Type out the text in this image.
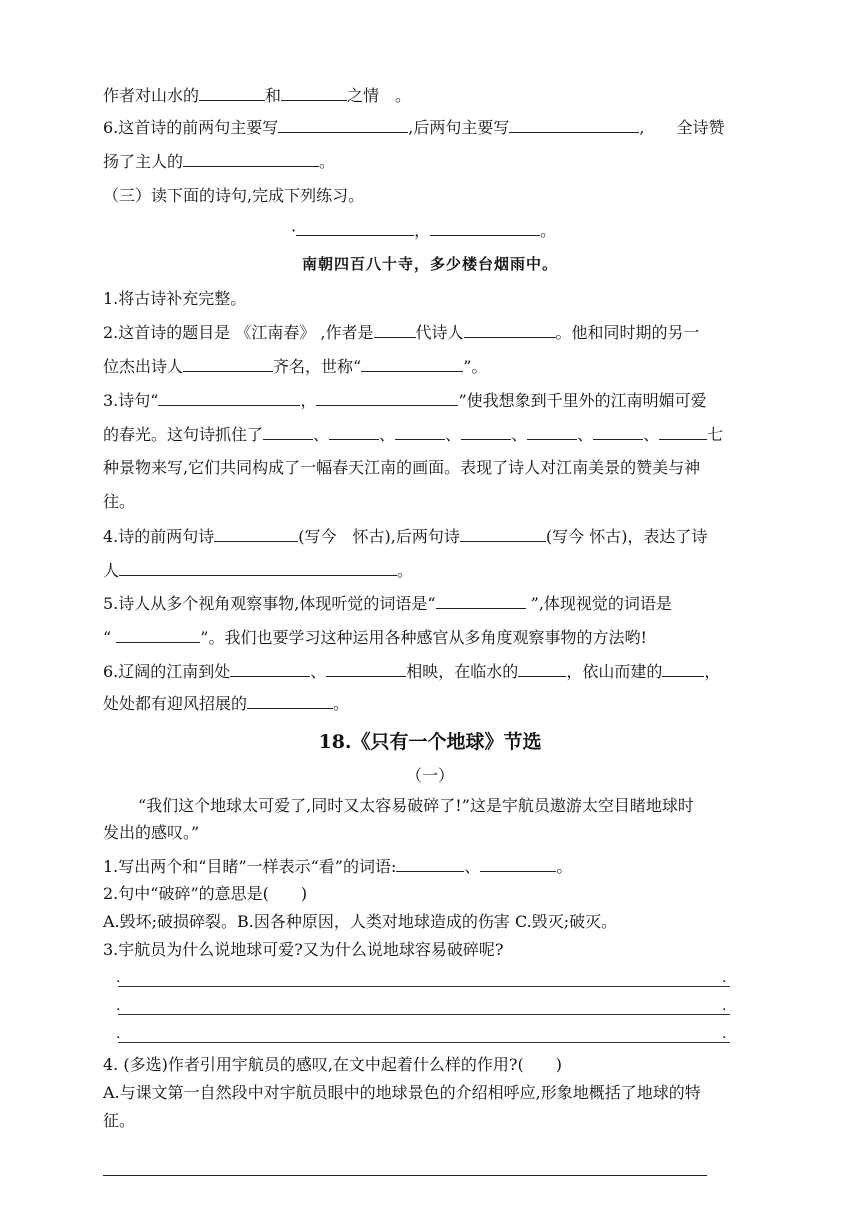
作者对山水的	和	之情　。
6.这首诗的前两句主要写	,后两句主要写	,　　全诗赞
扬了主人的	。
（三）读下面的诗句,完成下列练习。
·	，	。
南朝四百八十寺，多少楼台烟雨中。
1.将古诗补充完整。
2.这首诗的题目是 《江南春》 ,作者是	代诗人	。他和同时期的另一
位杰出诗人	齐名，世称“	”。
3.诗句“	，	”使我想象到千里外的江南明媚可爱
的春光。这句诗抓住了	、	、	、	、	、	、	七
种景物来写,它们共同构成了一幅春天江南的画面。表现了诗人对江南美景的赞美与神
往。
4.诗的前两句诗	(写今　怀古),后两句诗	(写今 怀古)，表达了诗
人	。
5.诗人从多个视角观察事物,体现听觉的词语是“	”,体现视觉的词语是
“	”。我们也要学习这种运用各种感官从多角度观察事物的方法哟!
6.辽阔的江南到处	、	相映，在临水的	，依山而建的	，
处处都有迎风招展的	。
18.《只有一个地球》节选
（一）
“我们这个地球太可爱了,同时又太容易破碎了!”这是宇航员遨游太空目睹地球时
发出的感叹。”
1.写出两个和“目睹”一样表示“看”的词语:	、	。
2.句中“破碎”的意思是(　　)
A.毁坏;破损碎裂。B.因各种原因，人类对地球造成的伤害 C.毁灭;破灭。
3.宇航员为什么说地球可爱?又为什么说地球容易破碎呢?
.	.
.	.
.	.
4. (多选)作者引用宇航员的感叹,在文中起着什么样的作用?(　　)
A.与课文第一自然段中对宇航员眼中的地球景色的介绍相呼应,形象地概括了地球的特
征。
